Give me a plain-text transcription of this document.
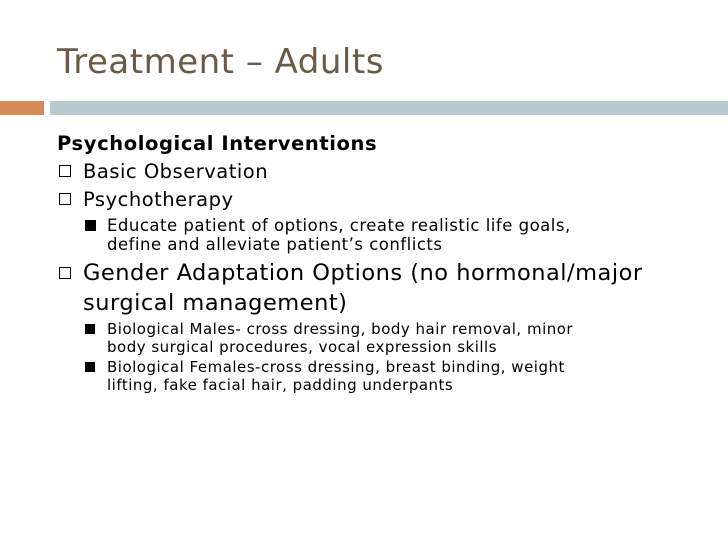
Treatment – Adults
Psychological Interventions
Basic Observation
Psychotherapy
Educate patient of options, create realistic life goals,
define and alleviate patient’s conflicts
Gender Adaptation Options (no hormonal/major
surgical management)
Biological Males- cross dressing, body hair removal, minor
body surgical procedures, vocal expression skills
Biological Females-cross dressing, breast binding, weight
lifting, fake facial hair, padding underpants
